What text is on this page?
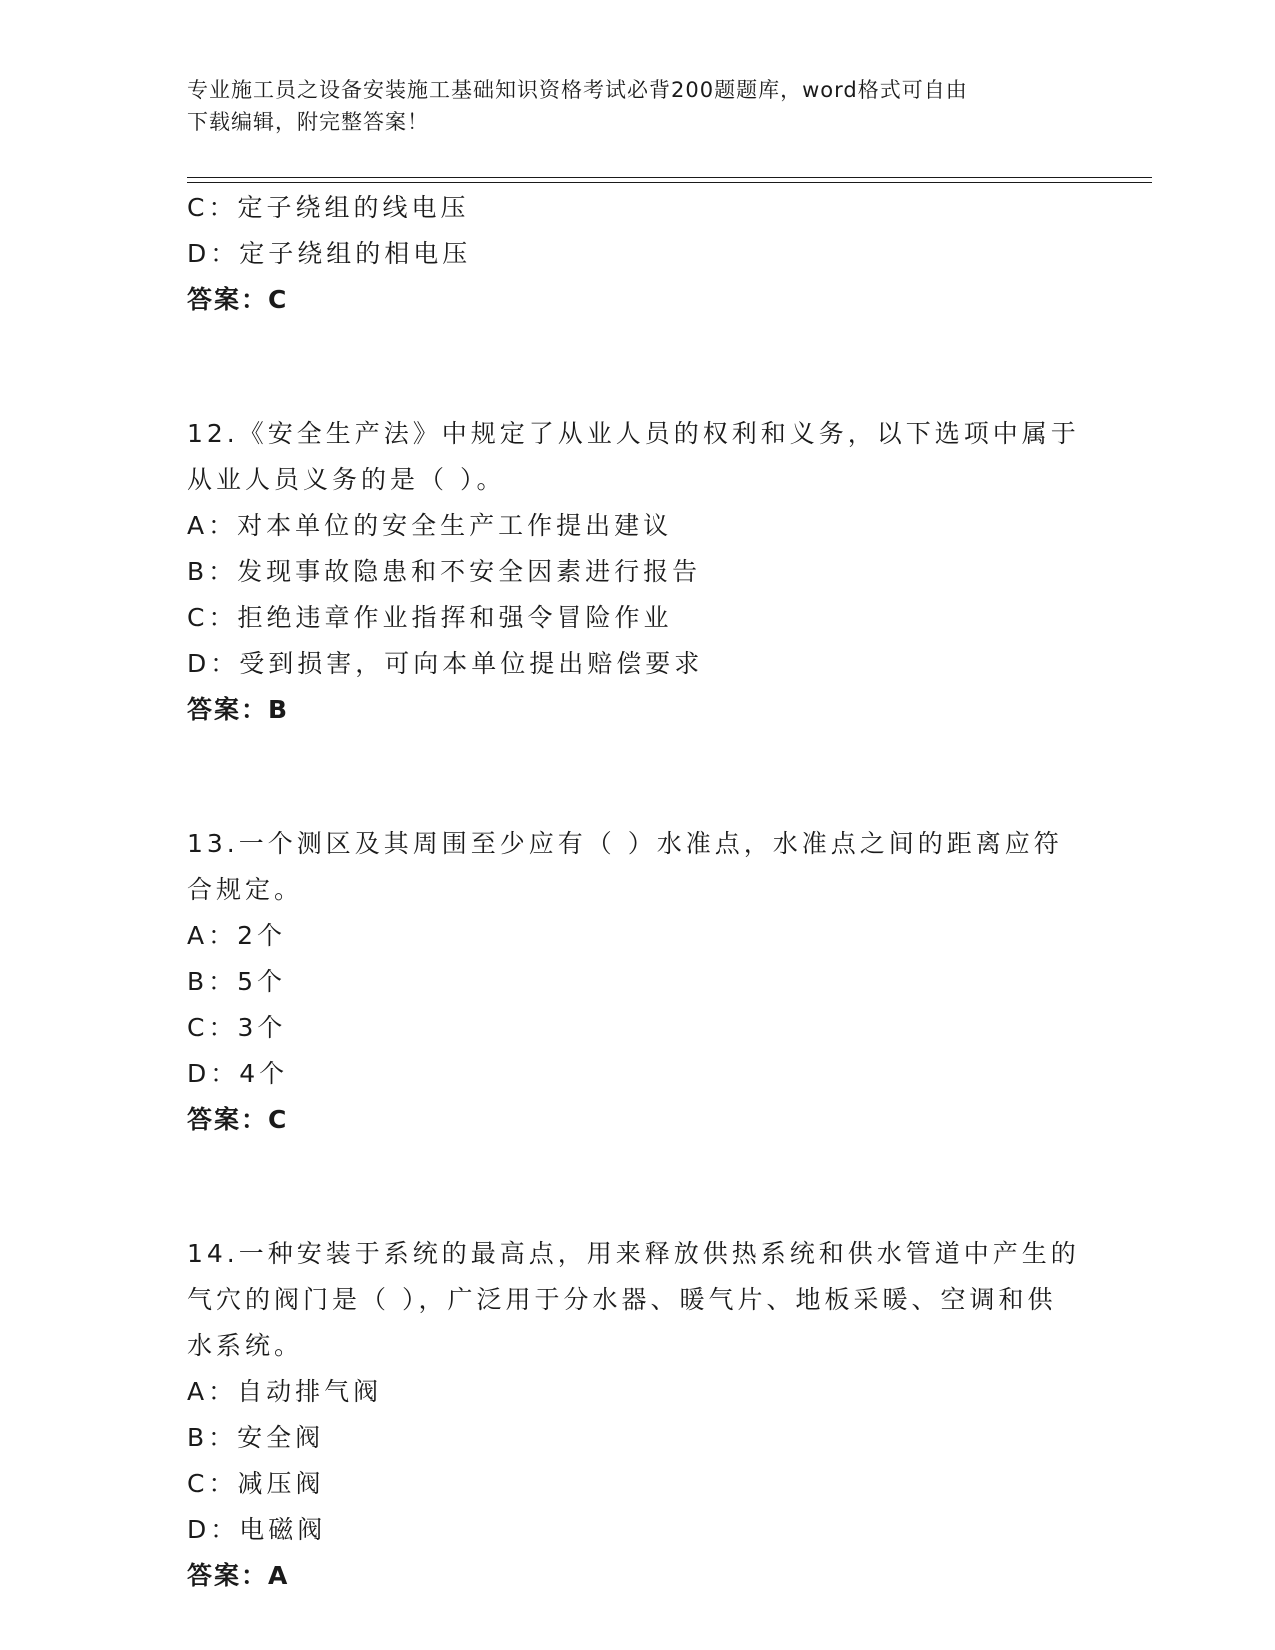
专业施工员之设备安装施工基础知识资格考试必背200题题库，word格式可自由
下载编辑，附完整答案！
C：定子绕组的线电压
D：定子绕组的相电压
答案：C
12.《安全生产法》中规定了从业人员的权利和义务，以下选项中属于
从业人员义务的是（ ）。
A：对本单位的安全生产工作提出建议
B：发现事故隐患和不安全因素进行报告
C：拒绝违章作业指挥和强令冒险作业
D：受到损害，可向本单位提出赔偿要求
答案：B
13.一个测区及其周围至少应有（ ）水准点，水准点之间的距离应符
合规定。
A：2个
B：5个
C：3个
D：4个
答案：C
14.一种安装于系统的最高点，用来释放供热系统和供水管道中产生的
气穴的阀门是（ ），广泛用于分水器、暖气片、地板采暖、空调和供
水系统。
A：自动排气阀
B：安全阀
C：减压阀
D：电磁阀
答案：A
